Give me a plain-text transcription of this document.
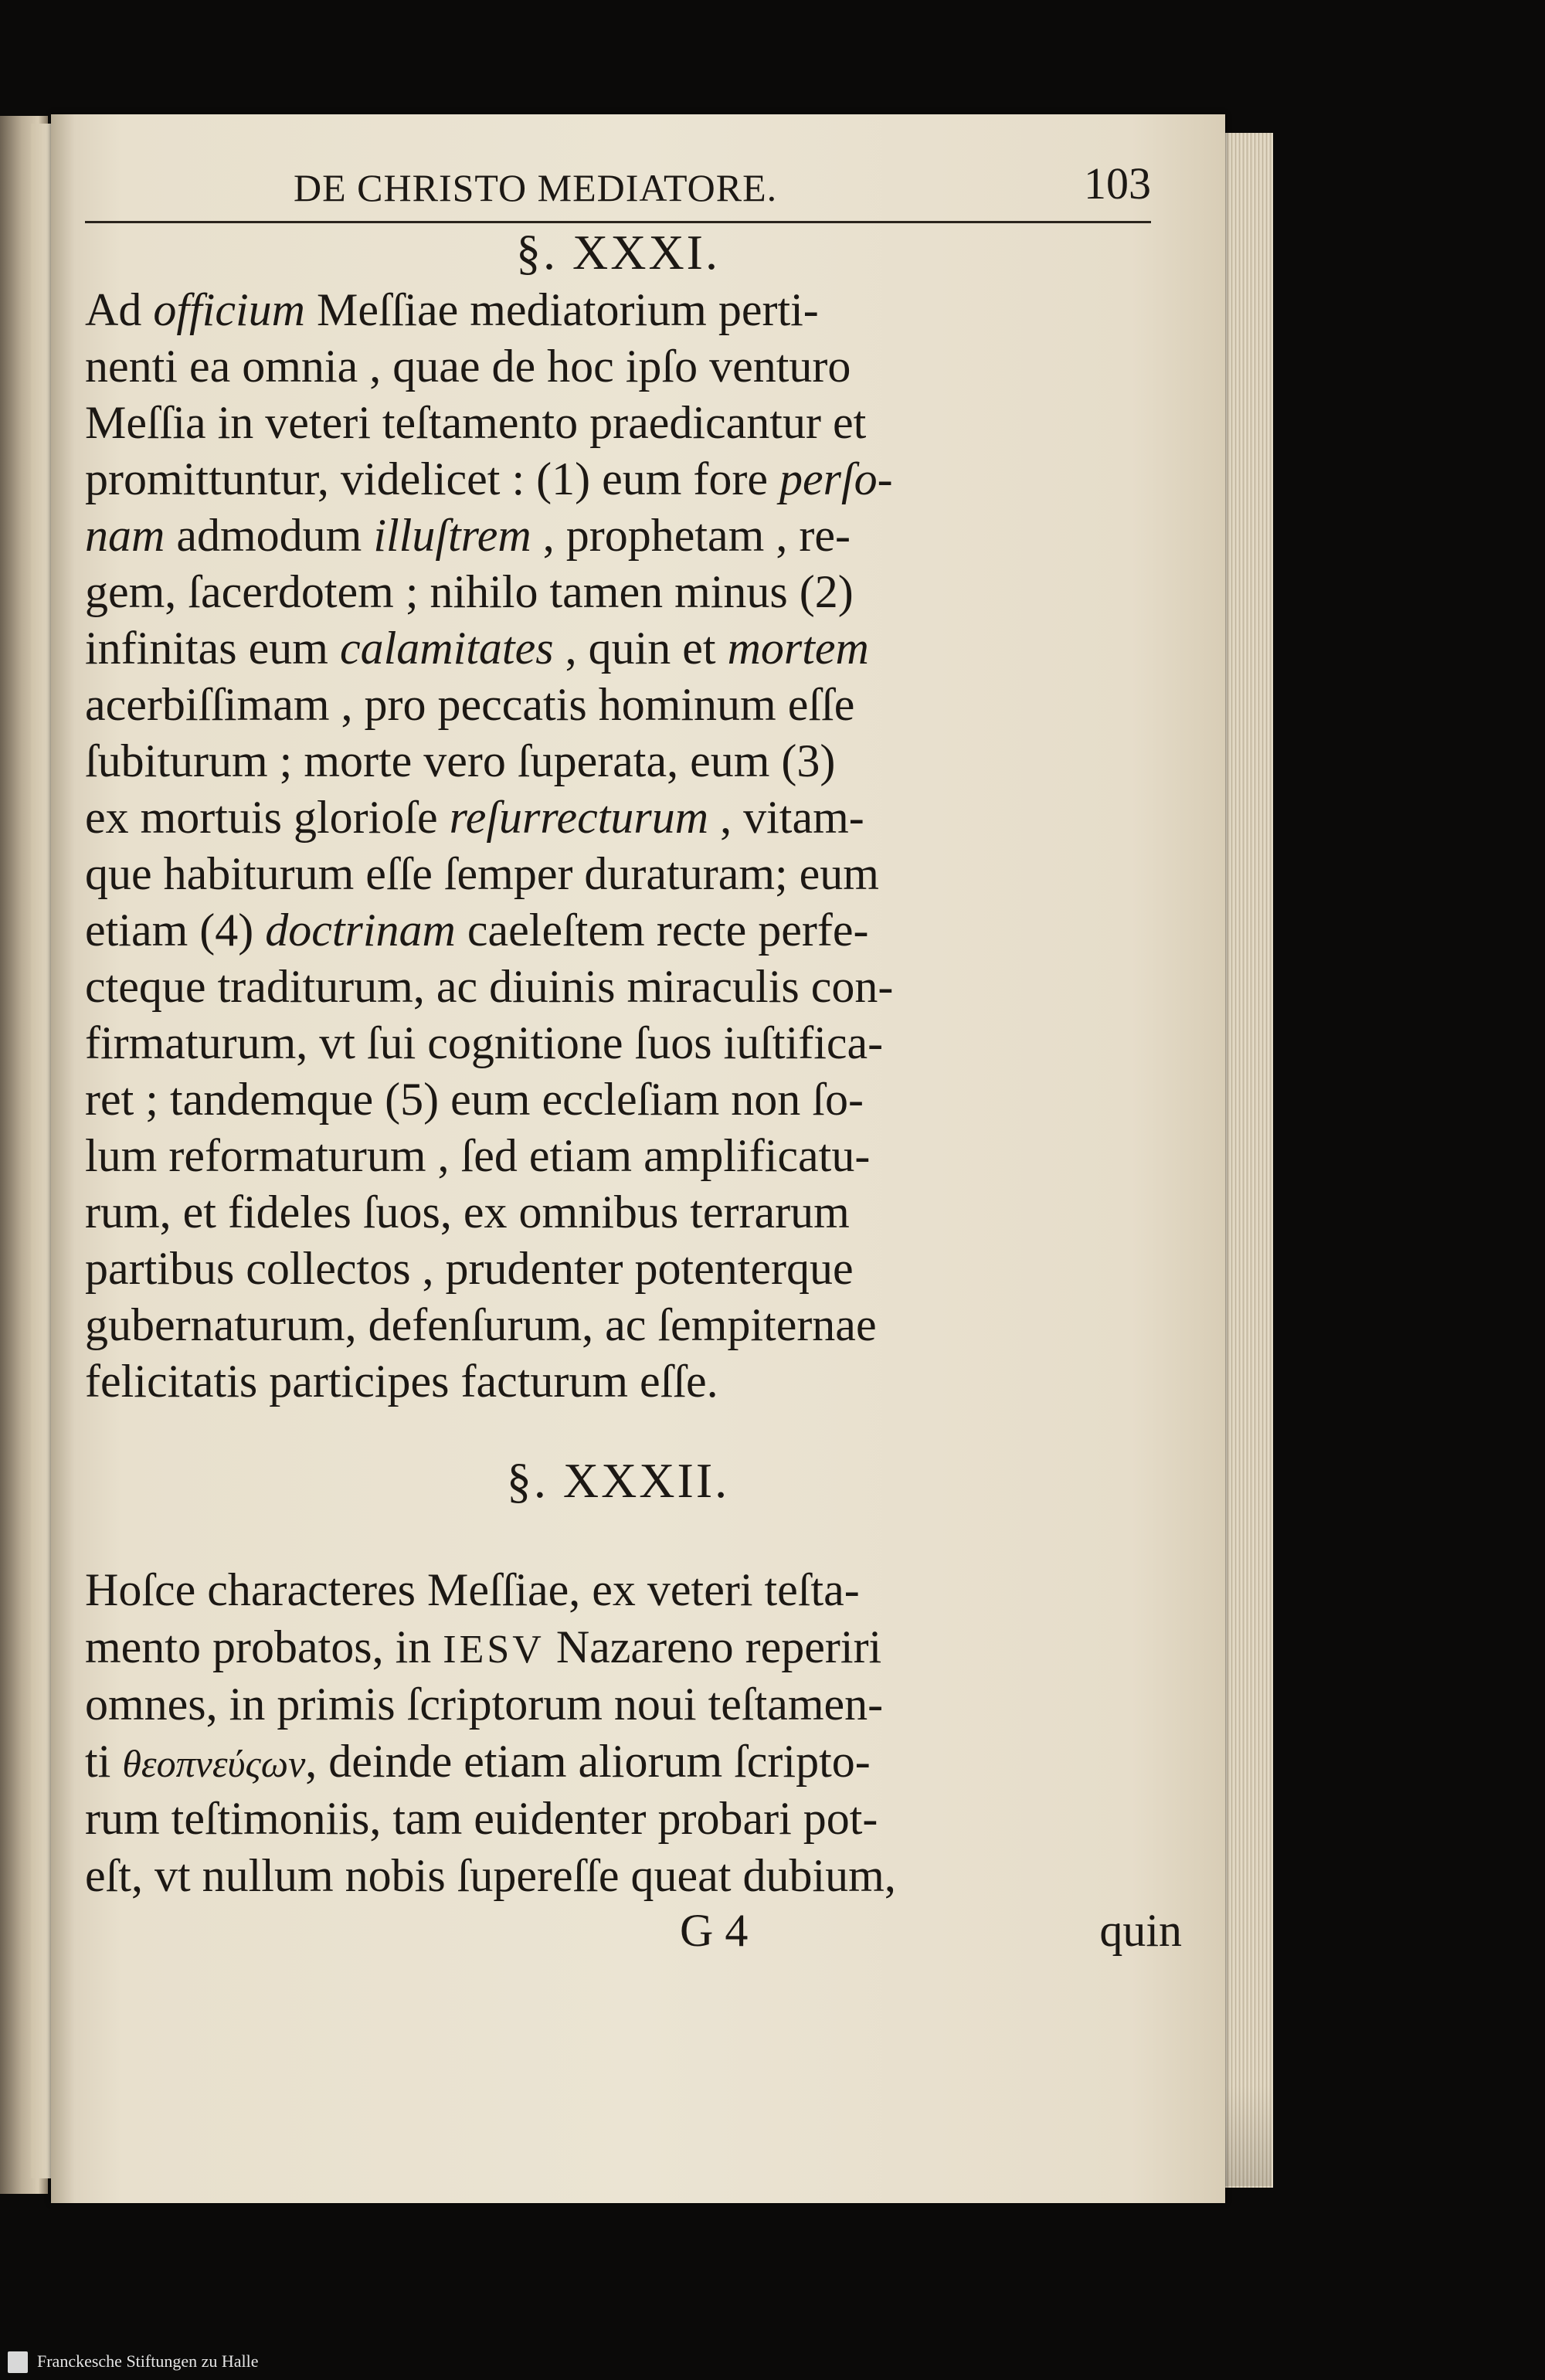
DE CHRISTO MEDIATORE.	103
§. XXXI.
Ad officium Meſſiae mediatorium perti-
nenti ea omnia , quae de hoc ipſo venturo
Meſſia in veteri teſtamento praedicantur et
promittuntur, videlicet : (1) eum fore perſo-
nam admodum illuſtrem , prophetam , re-
gem, ſacerdotem ; nihilo tamen minus (2)
infinitas eum calamitates , quin et mortem
acerbiſſimam , pro peccatis hominum eſſe
ſubiturum ; morte vero ſuperata, eum (3)
ex mortuis glorioſe reſurrecturum , vitam-
que habiturum eſſe ſemper duraturam; eum
etiam (4) doctrinam caeleſtem recte perfe-
cteque traditurum, ac diuinis miraculis con-
firmaturum, vt ſui cognitione ſuos iuſtifica-
ret ; tandemque (5) eum eccleſiam non ſo-
lum reformaturum , ſed etiam amplificatu-
rum, et fideles ſuos, ex omnibus terrarum
partibus collectos , prudenter potenterque
gubernaturum, defenſurum, ac ſempiternae
felicitatis participes facturum eſſe.
§. XXXII.
Hoſce characteres Meſſiae, ex veteri teſta-
mento probatos, in IESV Nazareno reperiri
omnes, in primis ſcriptorum noui teſtamen-
ti θεοπνεύςων, deinde etiam aliorum ſcripto-
rum teſtimoniis, tam euidenter probari pot-
eſt, vt nullum nobis ſupereſſe queat dubium,
G 4	quin
Franckesche Stiftungen zu Halle
